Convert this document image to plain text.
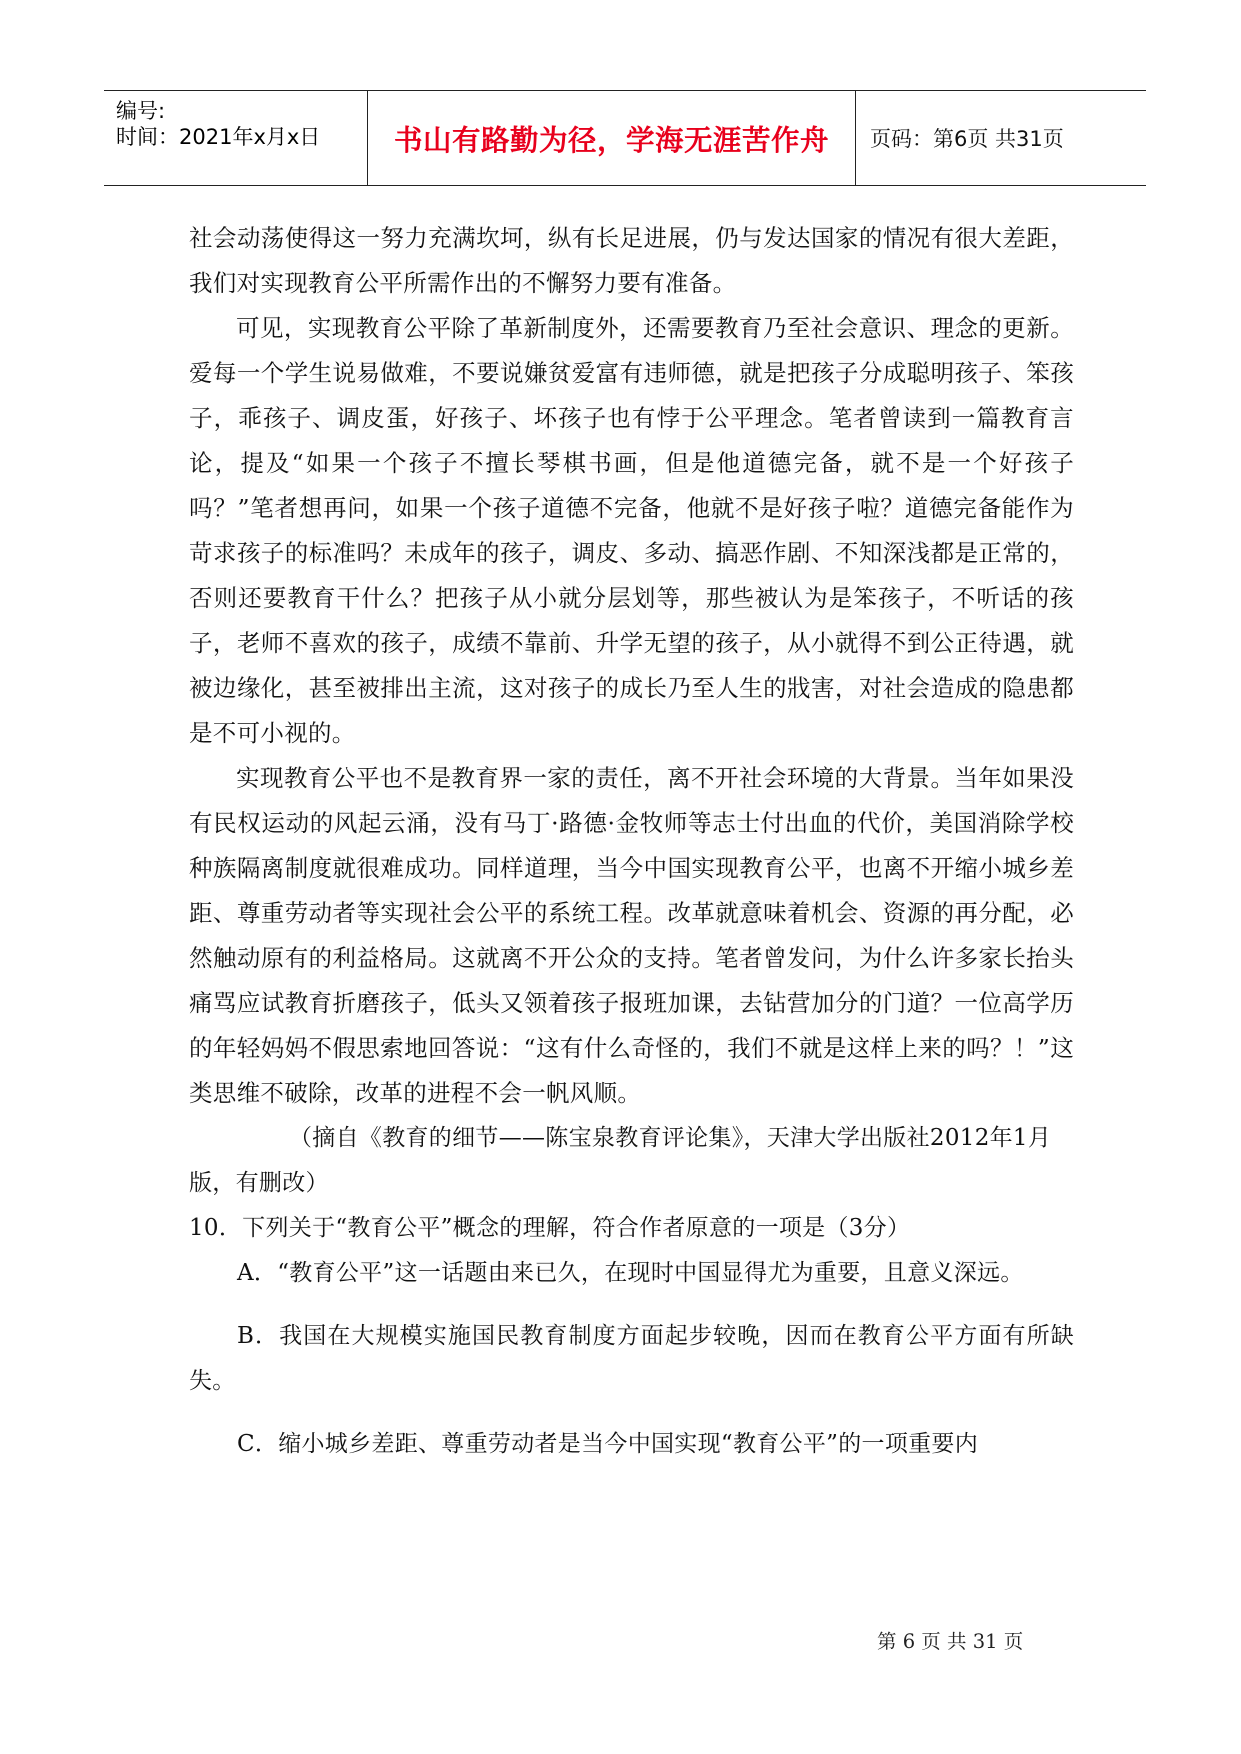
编号:
时间：2021年x月x日	书山有路勤为径，学海无涯苦作舟 页码：第6页 共31页

社会动荡使得这一努力充满坎坷，纵有长足进展，仍与发达国家的情况有很大差距，我们对实现教育公平所需作出的不懈努力要有准备。

可见，实现教育公平除了革新制度外，还需要教育乃至社会意识、理念的更新。爱每一个学生说易做难，不要说嫌贫爱富有违师德，就是把孩子分成聪明孩子、笨孩子，乖孩子、调皮蛋，好孩子、坏孩子也有悖于公平理念。笔者曾读到一篇教育言论，提及“如果一个孩子不擅长琴棋书画，但是他道德完备，就不是一个好孩子吗？”笔者想再问，如果一个孩子道德不完备，他就不是好孩子啦？道德完备能作为苛求孩子的标准吗？未成年的孩子，调皮、多动、搞恶作剧、不知深浅都是正常的，否则还要教育干什么？把孩子从小就分层划等，那些被认为是笨孩子，不听话的孩子，老师不喜欢的孩子，成绩不靠前、升学无望的孩子，从小就得不到公正待遇，就被边缘化，甚至被排出主流，这对孩子的成长乃至人生的戕害，对社会造成的隐患都是不可小视的。

实现教育公平也不是教育界一家的责任，离不开社会环境的大背景。当年如果没有民权运动的风起云涌，没有马丁·路德·金牧师等志士付出血的代价，美国消除学校种族隔离制度就很难成功。同样道理，当今中国实现教育公平，也离不开缩小城乡差距、尊重劳动者等实现社会公平的系统工程。改革就意味着机会、资源的再分配，必然触动原有的利益格局。这就离不开公众的支持。笔者曾发问，为什么许多家长抬头痛骂应试教育折磨孩子，低头又领着孩子报班加课，去钻营加分的门道？一位高学历的年轻妈妈不假思索地回答说：“这有什么奇怪的，我们不就是这样上来的吗？！”这类思维不破除，改革的进程不会一帆风顺。

（摘自《教育的细节——陈宝泉教育评论集》，天津大学出版社2012年1月版，有删改）

10．下列关于“教育公平”概念的理解，符合作者原意的一项是（3分）

A．“教育公平”这一话题由来已久，在现时中国显得尤为重要，且意义深远。

B．我国在大规模实施国民教育制度方面起步较晚，因而在教育公平方面有所缺失。

C．缩小城乡差距、尊重劳动者是当今中国实现“教育公平”的一项重要内

第 6 页 共 31 页
